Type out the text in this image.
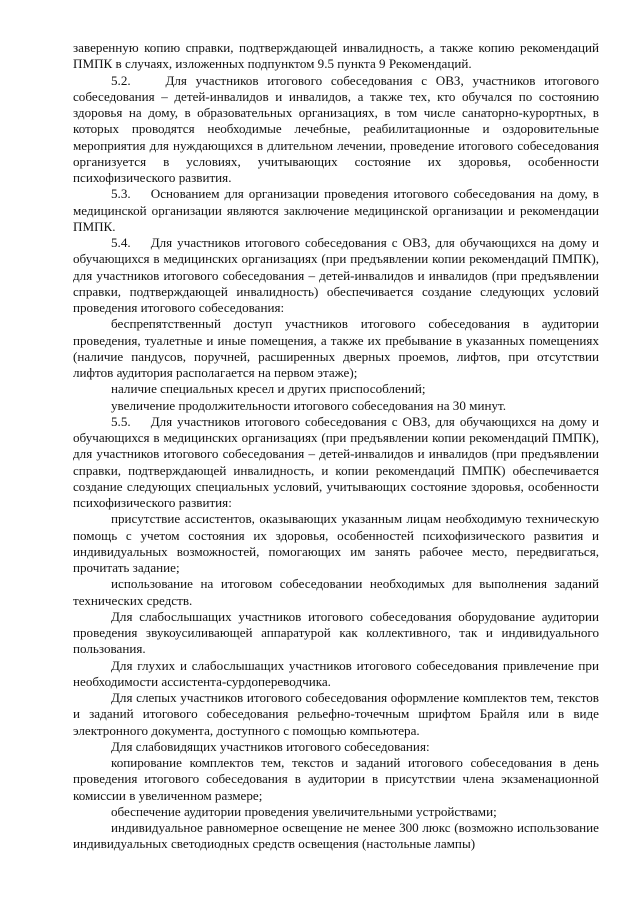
заверенную копию справки, подтверждающей инвалидность, а также копию рекомендаций ПМПК в случаях, изложенных подпунктом 9.5 пункта 9 Рекомендаций.

5.2.	Для участников итогового собеседования с ОВЗ, участников итогового собеседования – детей-инвалидов и инвалидов, а также тех, кто обучался по состоянию здоровья на дому, в образовательных организациях, в том числе санаторно-курортных, в которых проводятся необходимые лечебные, реабилитационные и оздоровительные мероприятия для нуждающихся в длительном лечении, проведение итогового собеседования организуется в условиях, учитывающих состояние их здоровья, особенности психофизического развития.

5.3. Основанием для организации проведения итогового собеседования на дому, в медицинской организации являются заключение медицинской организации и рекомендации ПМПК.

5.4. Для участников итогового собеседования с ОВЗ, для обучающихся на дому и обучающихся в медицинских организациях (при предъявлении копии рекомендаций ПМПК), для участников итогового собеседования – детей-инвалидов и инвалидов (при предъявлении справки, подтверждающей инвалидность) обеспечивается создание следующих условий проведения итогового собеседования:

беспрепятственный доступ участников итогового собеседования в аудитории проведения, туалетные и иные помещения, а также их пребывание в указанных помещениях (наличие пандусов, поручней, расширенных дверных проемов, лифтов, при отсутствии лифтов аудитория располагается на первом этаже);

наличие специальных кресел и других приспособлений;

увеличение продолжительности итогового собеседования на 30 минут.

5.5. Для участников итогового собеседования с ОВЗ, для обучающихся на дому и обучающихся в медицинских организациях (при предъявлении копии рекомендаций ПМПК), для участников итогового собеседования – детей-инвалидов и инвалидов (при предъявлении справки, подтверждающей инвалидность, и копии рекомендаций ПМПК) обеспечивается создание следующих специальных условий, учитывающих состояние здоровья, особенности психофизического развития:

присутствие ассистентов, оказывающих указанным лицам необходимую техническую помощь с учетом состояния их здоровья, особенностей психофизического развития и индивидуальных возможностей, помогающих им занять рабочее место, передвигаться, прочитать задание;

использование на итоговом собеседовании необходимых для выполнения заданий технических средств.

Для слабослышащих участников итогового собеседования оборудование аудитории проведения звукоусиливающей аппаратурой как коллективного, так и индивидуального пользования.

Для глухих и слабослышащих участников итогового собеседования привлечение при необходимости ассистента-сурдопереводчика.

Для слепых участников итогового собеседования оформление комплектов тем, текстов и заданий итогового собеседования рельефно-точечным шрифтом Брайля или в виде электронного документа, доступного с помощью компьютера.

Для слабовидящих участников итогового собеседования:

копирование комплектов тем, текстов и заданий итогового собеседования в день проведения итогового собеседования в аудитории в присутствии члена экзаменационной комиссии в увеличенном размере;

обеспечение аудитории проведения увеличительными устройствами;

индивидуальное равномерное освещение не менее 300 люкс (возможно использование индивидуальных светодиодных средств освещения (настольные лампы)
